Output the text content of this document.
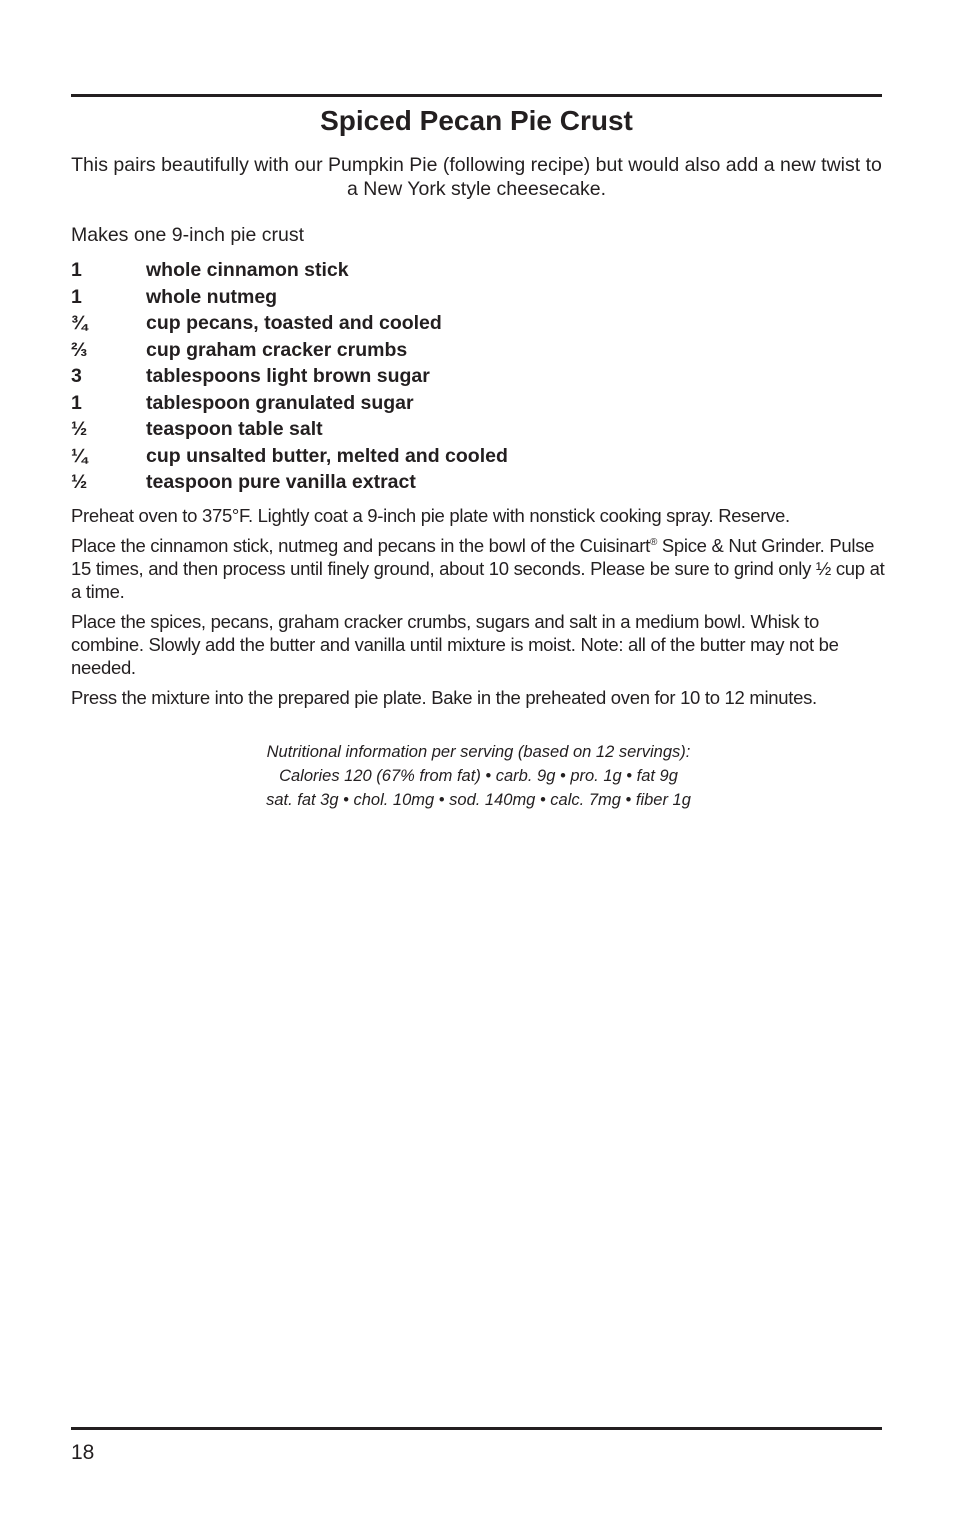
Spiced Pecan Pie Crust

This pairs beautifully with our Pumpkin Pie (following recipe) but would also add a new twist to a New York style cheesecake.

Makes one 9-inch pie crust

1	whole cinnamon stick
1	whole nutmeg
¾	cup pecans, toasted and cooled
⅔	cup graham cracker crumbs
3	tablespoons light brown sugar
1	tablespoon granulated sugar
½	teaspoon table salt
¼	cup unsalted butter, melted and cooled
½	teaspoon pure vanilla extract

Preheat oven to 375°F. Lightly coat a 9-inch pie plate with nonstick cooking spray. Reserve.

Place the cinnamon stick, nutmeg and pecans in the bowl of the Cuisinart® Spice & Nut Grinder. Pulse 15 times, and then process until finely ground, about 10 seconds. Please be sure to grind only ½ cup at a time.

Place the spices, pecans, graham cracker crumbs, sugars and salt in a medium bowl. Whisk to combine. Slowly add the butter and vanilla until mixture is moist. Note: all of the butter may not be needed.

Press the mixture into the prepared pie plate. Bake in the preheated oven for 10 to 12 minutes.

Nutritional information per serving (based on 12 servings):
Calories 120 (67% from fat) • carb. 9g • pro. 1g • fat 9g
sat. fat 3g • chol. 10mg • sod. 140mg • calc. 7mg • fiber 1g
18
